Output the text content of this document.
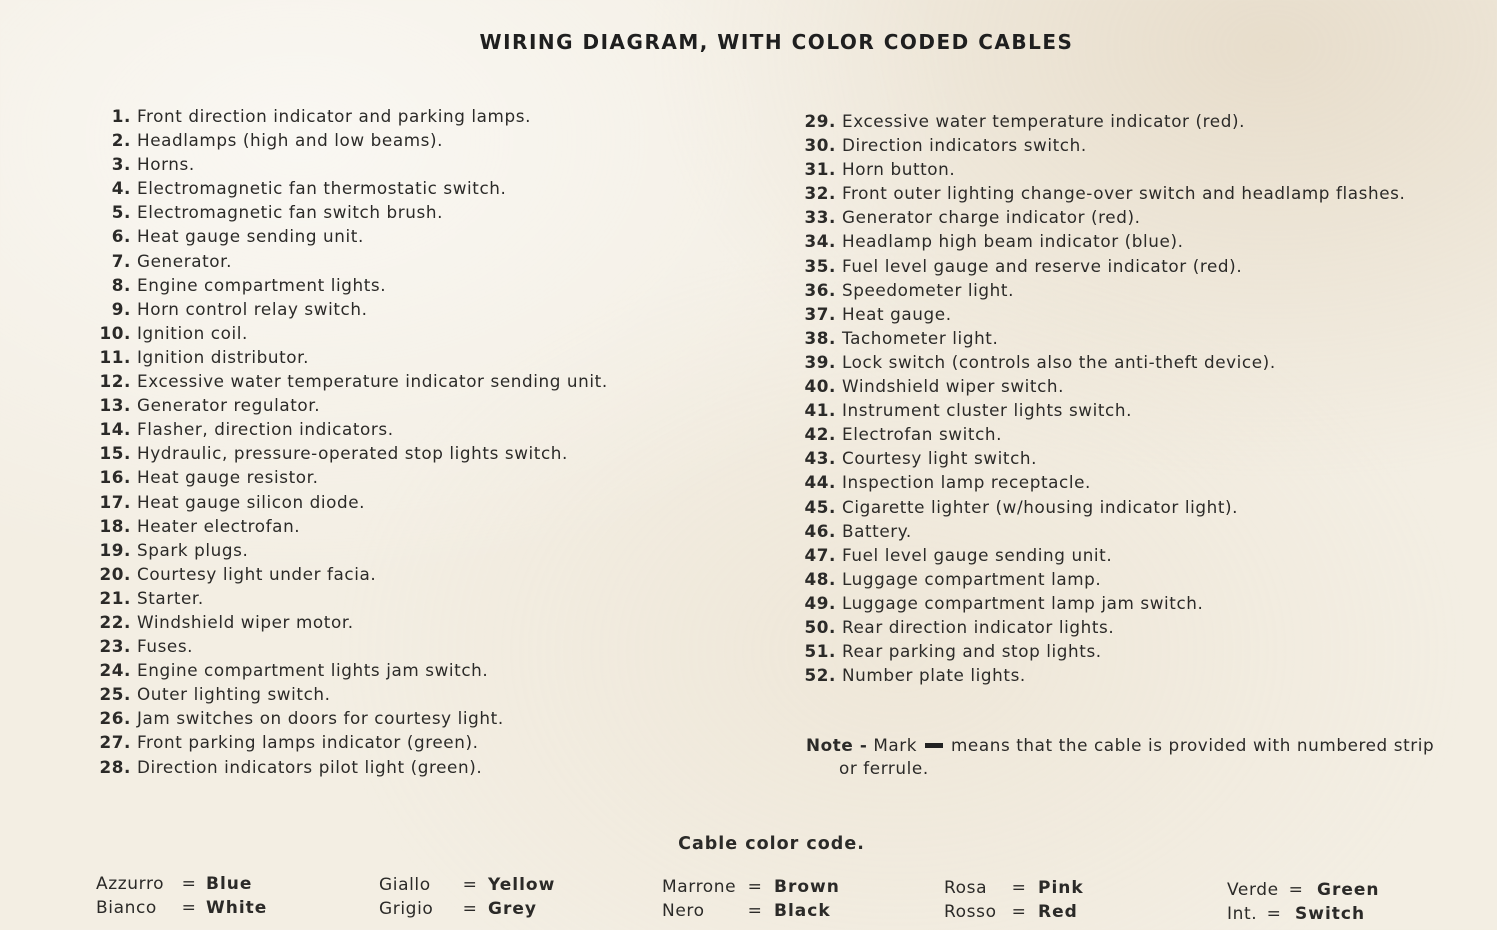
WIRING DIAGRAM, WITH COLOR CODED CABLES
1. Front direction indicator and parking lamps.
2. Headlamps (high and low beams).
3. Horns.
4. Electromagnetic fan thermostatic switch.
5. Electromagnetic fan switch brush.
6. Heat gauge sending unit.
7. Generator.
8. Engine compartment lights.
9. Horn control relay switch.
10. Ignition coil.
11. Ignition distributor.
12. Excessive water temperature indicator sending unit.
13. Generator regulator.
14. Flasher, direction indicators.
15. Hydraulic, pressure-operated stop lights switch.
16. Heat gauge resistor.
17. Heat gauge silicon diode.
18. Heater electrofan.
19. Spark plugs.
20. Courtesy light under facia.
21. Starter.
22. Windshield wiper motor.
23. Fuses.
24. Engine compartment lights jam switch.
25. Outer lighting switch.
26. Jam switches on doors for courtesy light.
27. Front parking lamps indicator (green).
28. Direction indicators pilot light (green).
29. Excessive water temperature indicator (red).
30. Direction indicators switch.
31. Horn button.
32. Front outer lighting change-over switch and headlamp flashes.
33. Generator charge indicator (red).
34. Headlamp high beam indicator (blue).
35. Fuel level gauge and reserve indicator (red).
36. Speedometer light.
37. Heat gauge.
38. Tachometer light.
39. Lock switch (controls also the anti-theft device).
40. Windshield wiper switch.
41. Instrument cluster lights switch.
42. Electrofan switch.
43. Courtesy light switch.
44. Inspection lamp receptacle.
45. Cigarette lighter (w/housing indicator light).
46. Battery.
47. Fuel level gauge sending unit.
48. Luggage compartment lamp.
49. Luggage compartment lamp jam switch.
50. Rear direction indicator lights.
51. Rear parking and stop lights.
52. Number plate lights.
Note - Mark means that the cable is provided with numbered strip
or ferrule.
Cable color code.
Azzurro	= Blue
Bianco	= White
Giallo	= Yellow
Grigio	= Grey
Marrone = Brown
Nero	= Black
Rosa	= Pink
Rosso = Red
Verde = Green
Int. = Switch
